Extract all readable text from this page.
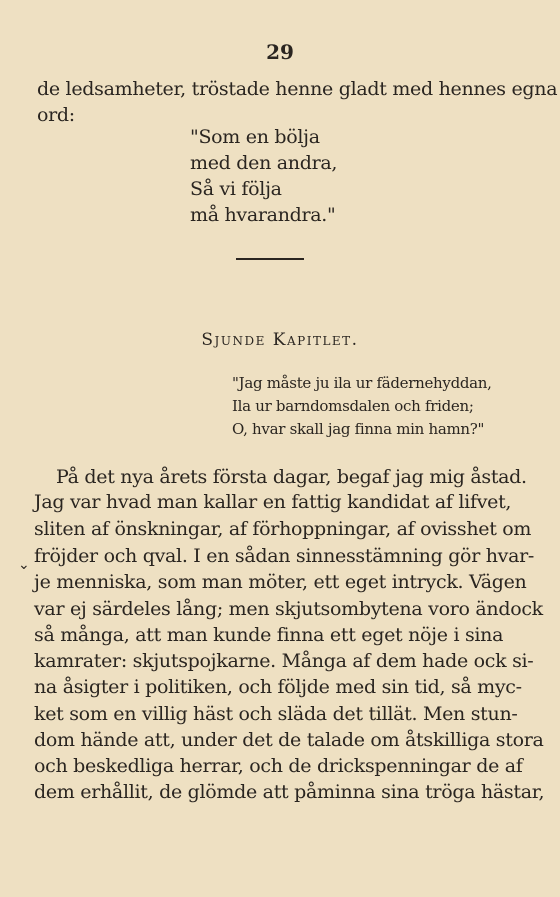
29
de ledsamheter, tröstade henne gladt med hennes egna
ord:
"Som en bölja
med den andra,
Så vi följa
må hvarandra."
Sjunde Kapitlet.
"Jag måste ju ila ur fädernehyddan,
Ila ur barndomsdalen och friden;
O, hvar skall jag finna min hamn?"
På det nya årets första dagar, begaf jag mig åstad.
Jag var hvad man kallar en fattig kandidat af lifvet,
sliten af önskningar, af förhoppningar, af ovisshet om
⌄ fröjder och qval. I en sådan sinnesstämning gör hvar-
je menniska, som man möter, ett eget intryck. Vägen
var ej särdeles lång; men skjutsombytena voro ändock
så många, att man kunde finna ett eget nöje i sina
kamrater: skjutspojkarne. Många af dem hade ock si-
na åsigter i politiken, och följde med sin tid, så myc-
ket som en villig häst och släda det tillät. Men stun-
dom hände att, under det de talade om åtskilliga stora
och beskedliga herrar, och de drickspenningar de af
dem erhållit, de glömde att påminna sina tröga hästar,
